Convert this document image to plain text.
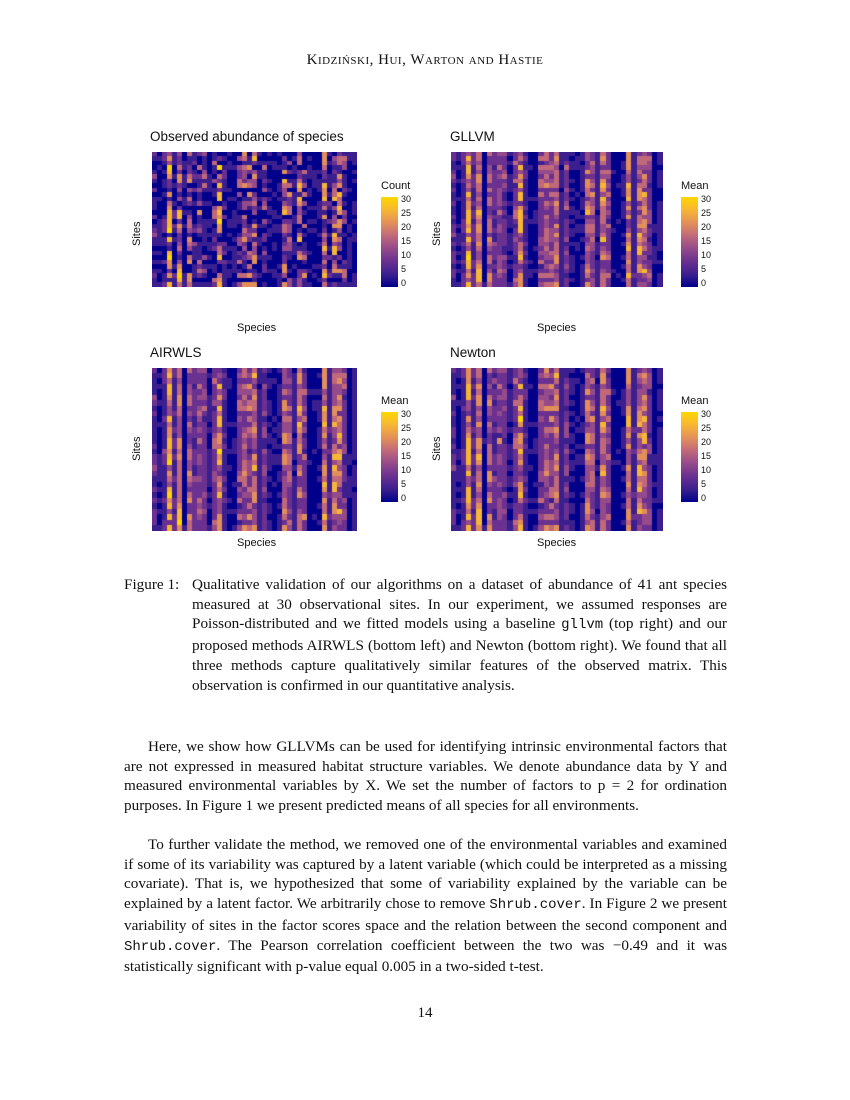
Kidziński, Hui, Warton and Hastie
Observed abundance of species
Sites
Species
Count
30
25
20
15
10
5
0
GLLVM
Sites
Species
Mean
30
25
20
15
10
5
0
AIRWLS
Sites
Species
Mean
30
25
20
15
10
5
0
Newton
Sites
Species
Mean
30
25
20
15
10
5
0
Figure 1: Qualitative validation of our algorithms on a dataset of abundance of 41 ant species measured at 30 observational sites. In our experiment, we assumed responses are Poisson-distributed and we fitted models using a baseline gllvm (top right) and our proposed methods AIRWLS (bottom left) and Newton (bottom right). We found that all three methods capture qualitatively similar features of the observed matrix. This observation is confirmed in our quantitative analysis.

Here, we show how GLLVMs can be used for identifying intrinsic environmental factors that are not expressed in measured habitat structure variables. We denote abundance data by Y and measured environmental variables by X. We set the number of factors to p = 2 for ordination purposes. In Figure 1 we present predicted means of all species for all environments.

To further validate the method, we removed one of the environmental variables and examined if some of its variability was captured by a latent variable (which could be interpreted as a missing covariate). That is, we hypothesized that some of variability explained by the variable can be explained by a latent factor. We arbitrarily chose to remove Shrub.cover. In Figure 2 we present variability of sites in the factor scores space and the relation between the second component and Shrub.cover. The Pearson correlation coefficient between the two was −0.49 and it was statistically significant with p-value equal 0.005 in a two-sided t-test.

14
